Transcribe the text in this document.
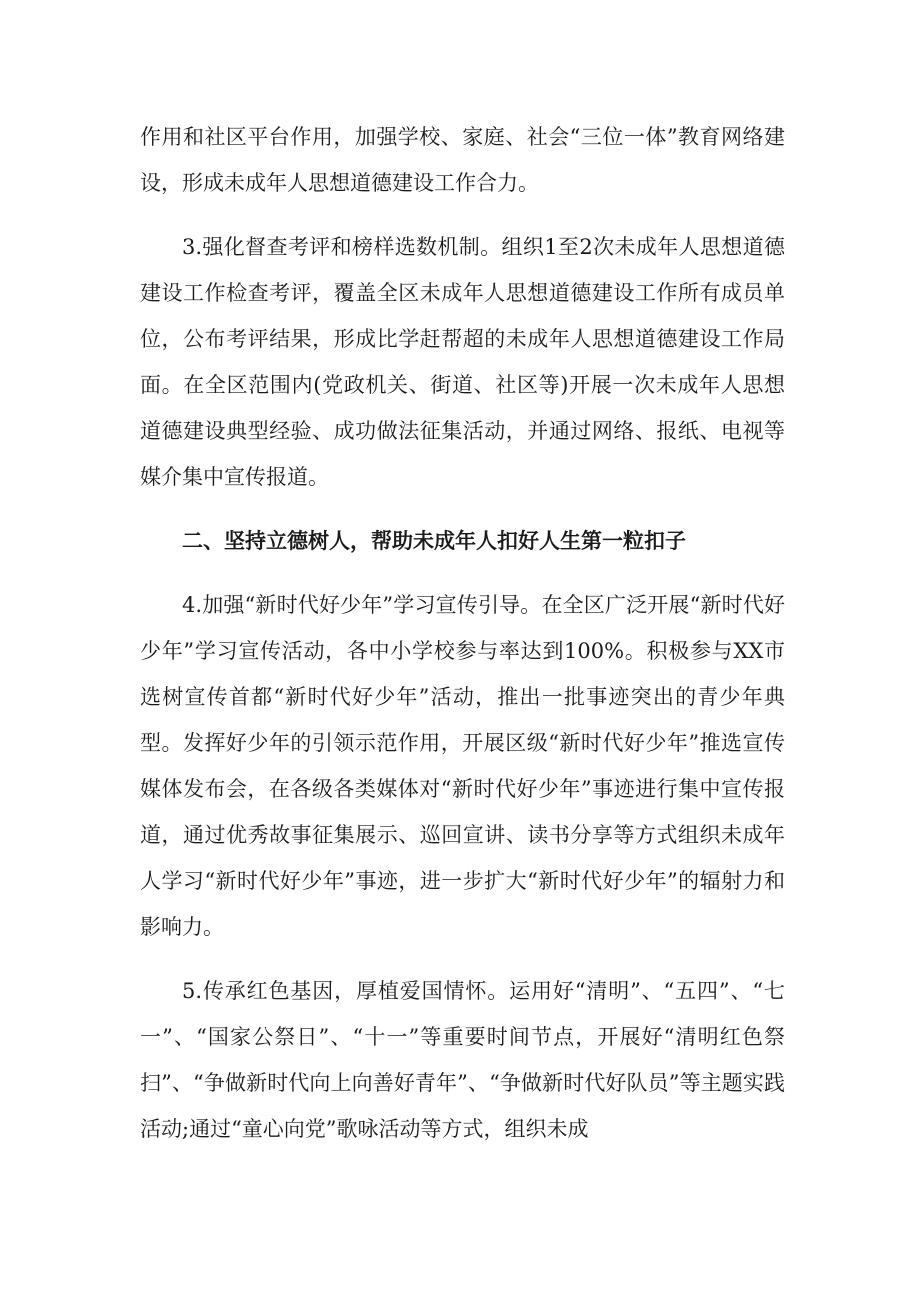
作用和社区平台作用，加强学校、家庭、社会“三位一体”教育网络建设，形成未成年人思想道德建设工作合力。

3.强化督查考评和榜样选数机制。组织1至2次未成年人思想道德建设工作检查考评，覆盖全区未成年人思想道德建设工作所有成员单位，公布考评结果，形成比学赶帮超的未成年人思想道德建设工作局面。在全区范围内(党政机关、街道、社区等)开展一次未成年人思想道德建设典型经验、成功做法征集活动，并通过网络、报纸、电视等媒介集中宣传报道。

二、坚持立德树人，帮助未成年人扣好人生第一粒扣子

4.加强“新时代好少年”学习宣传引导。在全区广泛开展“新时代好少年”学习宣传活动，各中小学校参与率达到100%。积极参与XX市选树宣传首都“新时代好少年”活动，推出一批事迹突出的青少年典型。发挥好少年的引领示范作用，开展区级“新时代好少年”推选宣传媒体发布会，在各级各类媒体对“新时代好少年”事迹进行集中宣传报道，通过优秀故事征集展示、巡回宣讲、读书分享等方式组织未成年人学习“新时代好少年”事迹，进一步扩大“新时代好少年”的辐射力和影响力。

5.传承红色基因，厚植爱国情怀。运用好“清明”、“五四”、“七一”、“国家公祭日”、“十一”等重要时间节点，开展好“清明红色祭扫”、“争做新时代向上向善好青年”、“争做新时代好队员”等主题实践活动;通过“童心向党”歌咏活动等方式，组织未成
